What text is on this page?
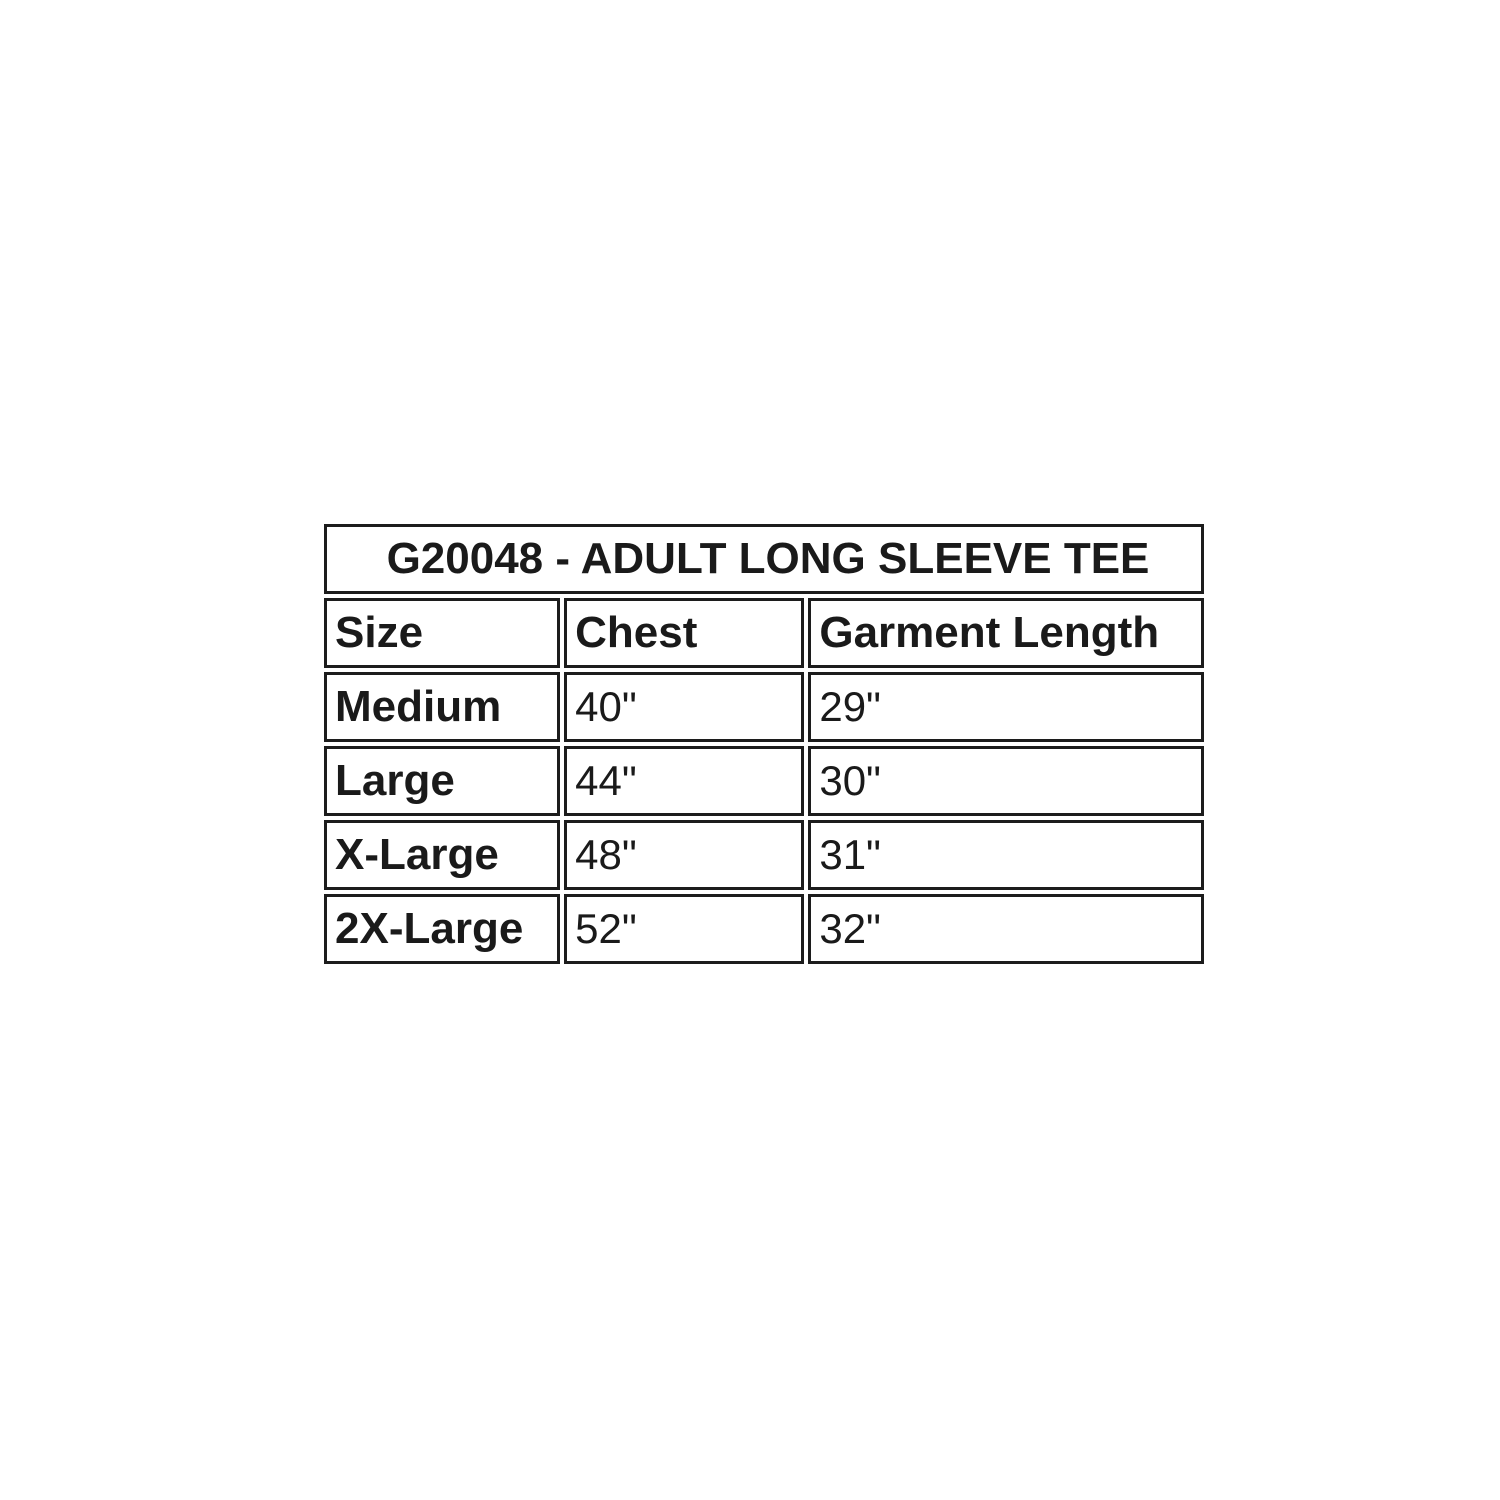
G20048 - ADULT LONG SLEEVE TEE		
Size	Chest	Garment Length
Medium	40"	29"
Large	44"	30"
X-Large	48"	31"
2X-Large	52"	32"
